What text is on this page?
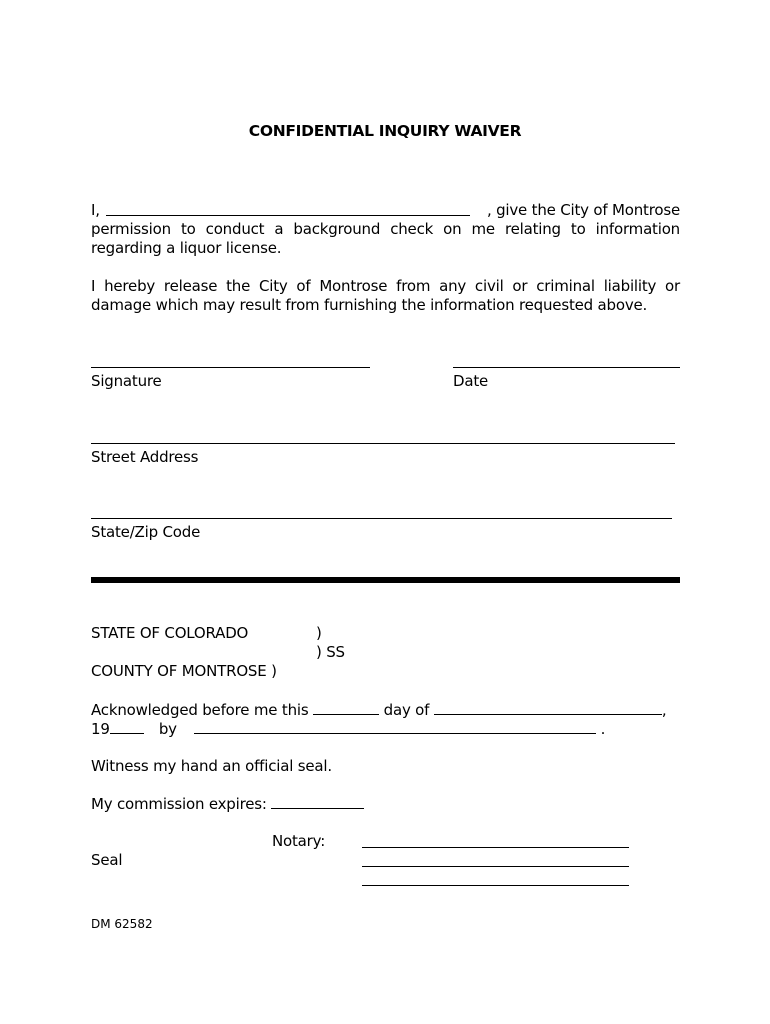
CONFIDENTIAL INQUIRY WAIVER
I,	, give the City of Montrose
permission to conduct a background check on me relating to information
regarding a liquor license.
I hereby release the City of Montrose from any civil or criminal liability or
damage which may result from furnishing the information requested above.
Signature	Date
Street Address
State/Zip Code
STATE OF COLORADO	)
) SS
COUNTY OF MONTROSE )
Acknowledged before me this	day of	,
19	by	.
Witness my hand an official seal.
My commission expires:
Notary:
Seal
DM 62582
